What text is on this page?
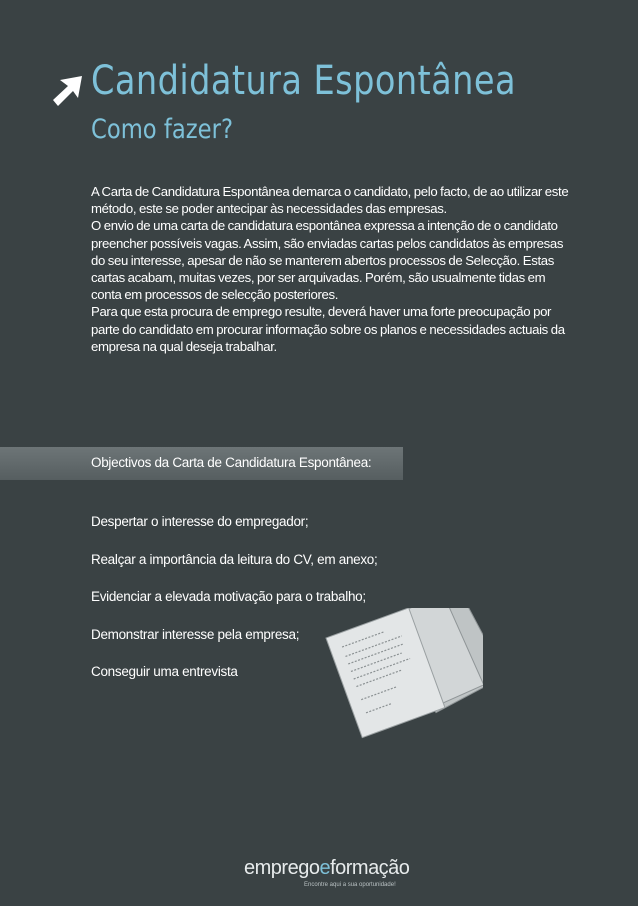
Candidatura Espontânea
Como fazer?

A Carta de Candidatura Espontânea demarca o candidato, pelo facto, de ao utilizar este método, este se poder antecipar às necessidades das empresas.

O envio de uma carta de candidatura espontânea expressa a intenção de o candidato preencher possíveis vagas. Assim, são enviadas cartas pelos candidatos às empresas do seu interesse, apesar de não se manterem abertos processos de Selecção. Estas cartas acabam, muitas vezes, por ser arquivadas. Porém, são usualmente tidas em conta em processos de selecção posteriores.

Para que esta procura de emprego resulte, deverá haver uma forte preocupação por parte do candidato em procurar informação sobre os planos e necessidades actuais da empresa na qual deseja trabalhar.

Objectivos da Carta de Candidatura Espontânea:
Despertar o interesse do empregador;
Realçar a importância da leitura do CV, em anexo;
Evidenciar a elevada motivação para o trabalho;
Demonstrar interesse pela empresa;
Conseguir uma entrevista
empregoeformação
Encontre aqui a sua oportunidade!
